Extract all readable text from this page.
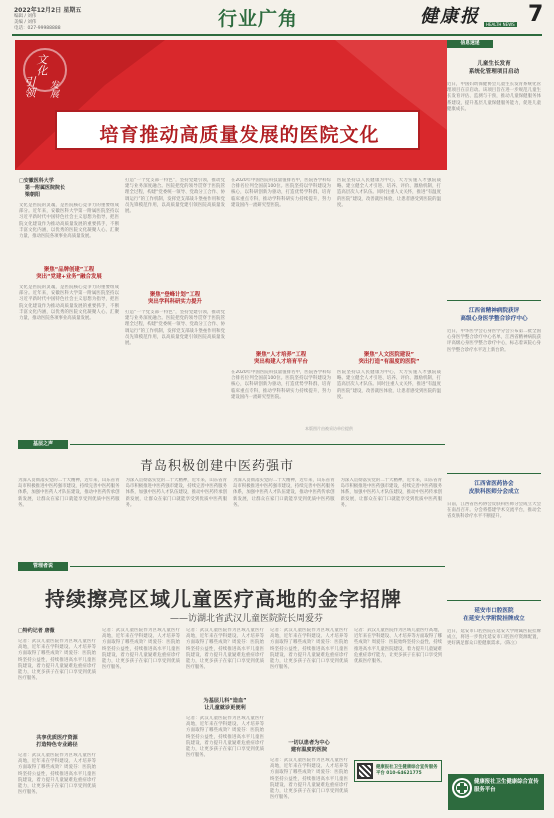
2022年12月2日 星期五
编辑 / 刘伟
美编 / 刘伟
电话：027-99988888	行业广角	健康报	HEALTH NEWS 7
文化
引领 发展
培育推动高质量发展的医院文化
□安徽医科大学
第一附属医院院长
梁朝阳
文化是医院的灵魂，是医院核心竞争力的重要组成部分。近年来，安徽医科大学第一附属医院坚持以习近平新时代中国特色社会主义思想为指导，把医院文化建设作为推动高质量发展的重要抓手，不断丰富文化内涵，以优秀的医院文化凝聚人心、汇聚力量，推动医院各项事业高质量发展。
聚焦“品牌创建”工程
突出“党建+业务”融合发展
文化是医院的灵魂，是医院核心竞争力的重要组成部分。近年来，安徽医科大学第一附属医院坚持以习近平新时代中国特色社会主义思想为指导，把医院文化建设作为推动高质量发展的重要抓手，不断丰富文化内涵，以优秀的医院文化凝聚人心、汇聚力量，推动医院各项事业高质量发展。
打造“一个党支部一特色”，坚持党建引领，推动党建与业务深度融合。医院把党的领导贯穿于医院管理全过程，构建“党委统一领导、党政分工合作、协调运行”的工作机制，发挥党支部战斗堡垒作用和党员先锋模范作用，以高质量党建引领医院高质量发展。
聚焦“登峰计划”工程
突出学科科研实力提升
打造“一个党支部一特色”，坚持党建引领，推动党建与业务深度融合。医院把党的领导贯穿于医院管理全过程，构建“党委统一领导、党政分工合作、协调运行”的工作机制，发挥党支部战斗堡垒作用和党员先锋模范作用，以高质量党建引领医院高质量发展。
在2020年中国医院科技量值排名中，医院各学科综合排名位列全国前100位。医院坚持以学科建设为核心，以科研创新为驱动，打造优势学科群，培育临床重点专科，推动学科科研实力持续提升，努力建设国内一流研究型医院。
聚焦“人才培养”工程
突出构建人才培育平台
在2020年中国医院科技量值排名中，医院各学科综合排名位列全国前100位。医院坚持以学科建设为核心，以科研创新为驱动，打造优势学科群，培育临床重点专科，推动学科科研实力持续提升，努力建设国内一流研究型医院。
医院坚持以人民健康为中心，大力实施人才强院战略。建立健全人才引进、培养、评价、激励机制，打造高层次人才队伍。同时注重人文关怀，推进“有温度的医院”建设，改善就医体验，让患者感受到医院的温度。
聚焦“人文医院建设”
突出打造“有温度的医院”
医院坚持以人民健康为中心，大力实施人才强院战略。建立健全人才引进、培养、评价、激励机制，打造高层次人才队伍。同时注重人文关怀，推进“有温度的医院”建设，改善就医体验，让患者感受到医院的温度。
本版图片由被采访单位提供
信息速递
儿童生长发育
系统化管理项目启动
近日，中国妇幼保健协会儿童生长发育系统化管理项目在京启动。该项目旨在进一步规范儿童生长发育评估、监测与干预，推动儿童保健服务体系建设，提升基层儿童保健服务能力，促进儿童健康成长。
江西省精神病院获评
高级心身医学整合诊疗中心
近日，中华医学会心身医学分会公布第二批全国心身医学整合诊疗中心名单，江西省精神病院获评高级心身医学整合诊疗中心，标志着该院心身医学整合诊疗水平迈上新台阶。
江西省医药协会
皮肤科医师分会成立
日前，江西省医药协会皮肤科医师分会成立大会在南昌召开。分会将搭建学术交流平台，推动全省皮肤科诊疗水平不断提升。
延安市口腔医院
在延安大学附院挂牌成立
近日，延安市口腔医院在延安大学附属医院挂牌成立，将进一步优化延安市口腔医疗资源配置，更好满足群众口腔健康需求。（陈立）
基层之声
青岛积极创建中医药强市
为深入贯彻落实党的二十大精神，近年来，山东省青岛市积极推进中医药强市建设，持续完善中医药服务体系，加强中医药人才队伍建设，推动中医药传承创新发展，让群众在家门口就能享受到优质中医药服务。
为深入贯彻落实党的二十大精神，近年来，山东省青岛市积极推进中医药强市建设，持续完善中医药服务体系，加强中医药人才队伍建设，推动中医药传承创新发展，让群众在家门口就能享受到优质中医药服务。
为深入贯彻落实党的二十大精神，近年来，山东省青岛市积极推进中医药强市建设，持续完善中医药服务体系，加强中医药人才队伍建设，推动中医药传承创新发展，让群众在家门口就能享受到优质中医药服务。
为深入贯彻落实党的二十大精神，近年来，山东省青岛市积极推进中医药强市建设，持续完善中医药服务体系，加强中医药人才队伍建设，推动中医药传承创新发展，让群众在家门口就能享受到优质中医药服务。
管理者说
持续擦亮区域儿童医疗高地的金字招牌
——访湖北省武汉儿童医院院长周爱芬
□特约记者 唐薇
记者：武汉儿童医院作为区域儿童医疗高地，近年来在学科建设、人才培养等方面取得了哪些成效？周爱芬：医院始终坚持公益性，持续推进高水平儿童医院建设，着力提升儿童疑难危重症诊疗能力，让更多孩子在家门口享受到优质医疗服务。
共享优质医疗资源
打造特色专业路径
记者：武汉儿童医院作为区域儿童医疗高地，近年来在学科建设、人才培养等方面取得了哪些成效？周爱芬：医院始终坚持公益性，持续推进高水平儿童医院建设，着力提升儿童疑难危重症诊疗能力，让更多孩子在家门口享受到优质医疗服务。
记者：武汉儿童医院作为区域儿童医疗高地，近年来在学科建设、人才培养等方面取得了哪些成效？周爱芬：医院始终坚持公益性，持续推进高水平儿童医院建设，着力提升儿童疑难危重症诊疗能力，让更多孩子在家门口享受到优质医疗服务。
记者：武汉儿童医院作为区域儿童医疗高地，近年来在学科建设、人才培养等方面取得了哪些成效？周爱芬：医院始终坚持公益性，持续推进高水平儿童医院建设，着力提升儿童疑难危重症诊疗能力，让更多孩子在家门口享受到优质医疗服务。
为基层儿科“造血”
让儿童就诊更便利
记者：武汉儿童医院作为区域儿童医疗高地，近年来在学科建设、人才培养等方面取得了哪些成效？周爱芬：医院始终坚持公益性，持续推进高水平儿童医院建设，着力提升儿童疑难危重症诊疗能力，让更多孩子在家门口享受到优质医疗服务。
记者：武汉儿童医院作为区域儿童医疗高地，近年来在学科建设、人才培养等方面取得了哪些成效？周爱芬：医院始终坚持公益性，持续推进高水平儿童医院建设，着力提升儿童疑难危重症诊疗能力，让更多孩子在家门口享受到优质医疗服务。
一切以患者为中心
建有温度的医院
记者：武汉儿童医院作为区域儿童医疗高地，近年来在学科建设、人才培养等方面取得了哪些成效？周爱芬：医院始终坚持公益性，持续推进高水平儿童医院建设，着力提升儿童疑难危重症诊疗能力，让更多孩子在家门口享受到优质医疗服务。
记者：武汉儿童医院作为区域儿童医疗高地，近年来在学科建设、人才培养等方面取得了哪些成效？周爱芬：医院始终坚持公益性，持续推进高水平儿童医院建设，着力提升儿童疑难危重症诊疗能力，让更多孩子在家门口享受到优质医疗服务。
健康报社卫生健康综合宣传服务平台 010-64621775
健康报社卫生健康综合宣传服务平台
